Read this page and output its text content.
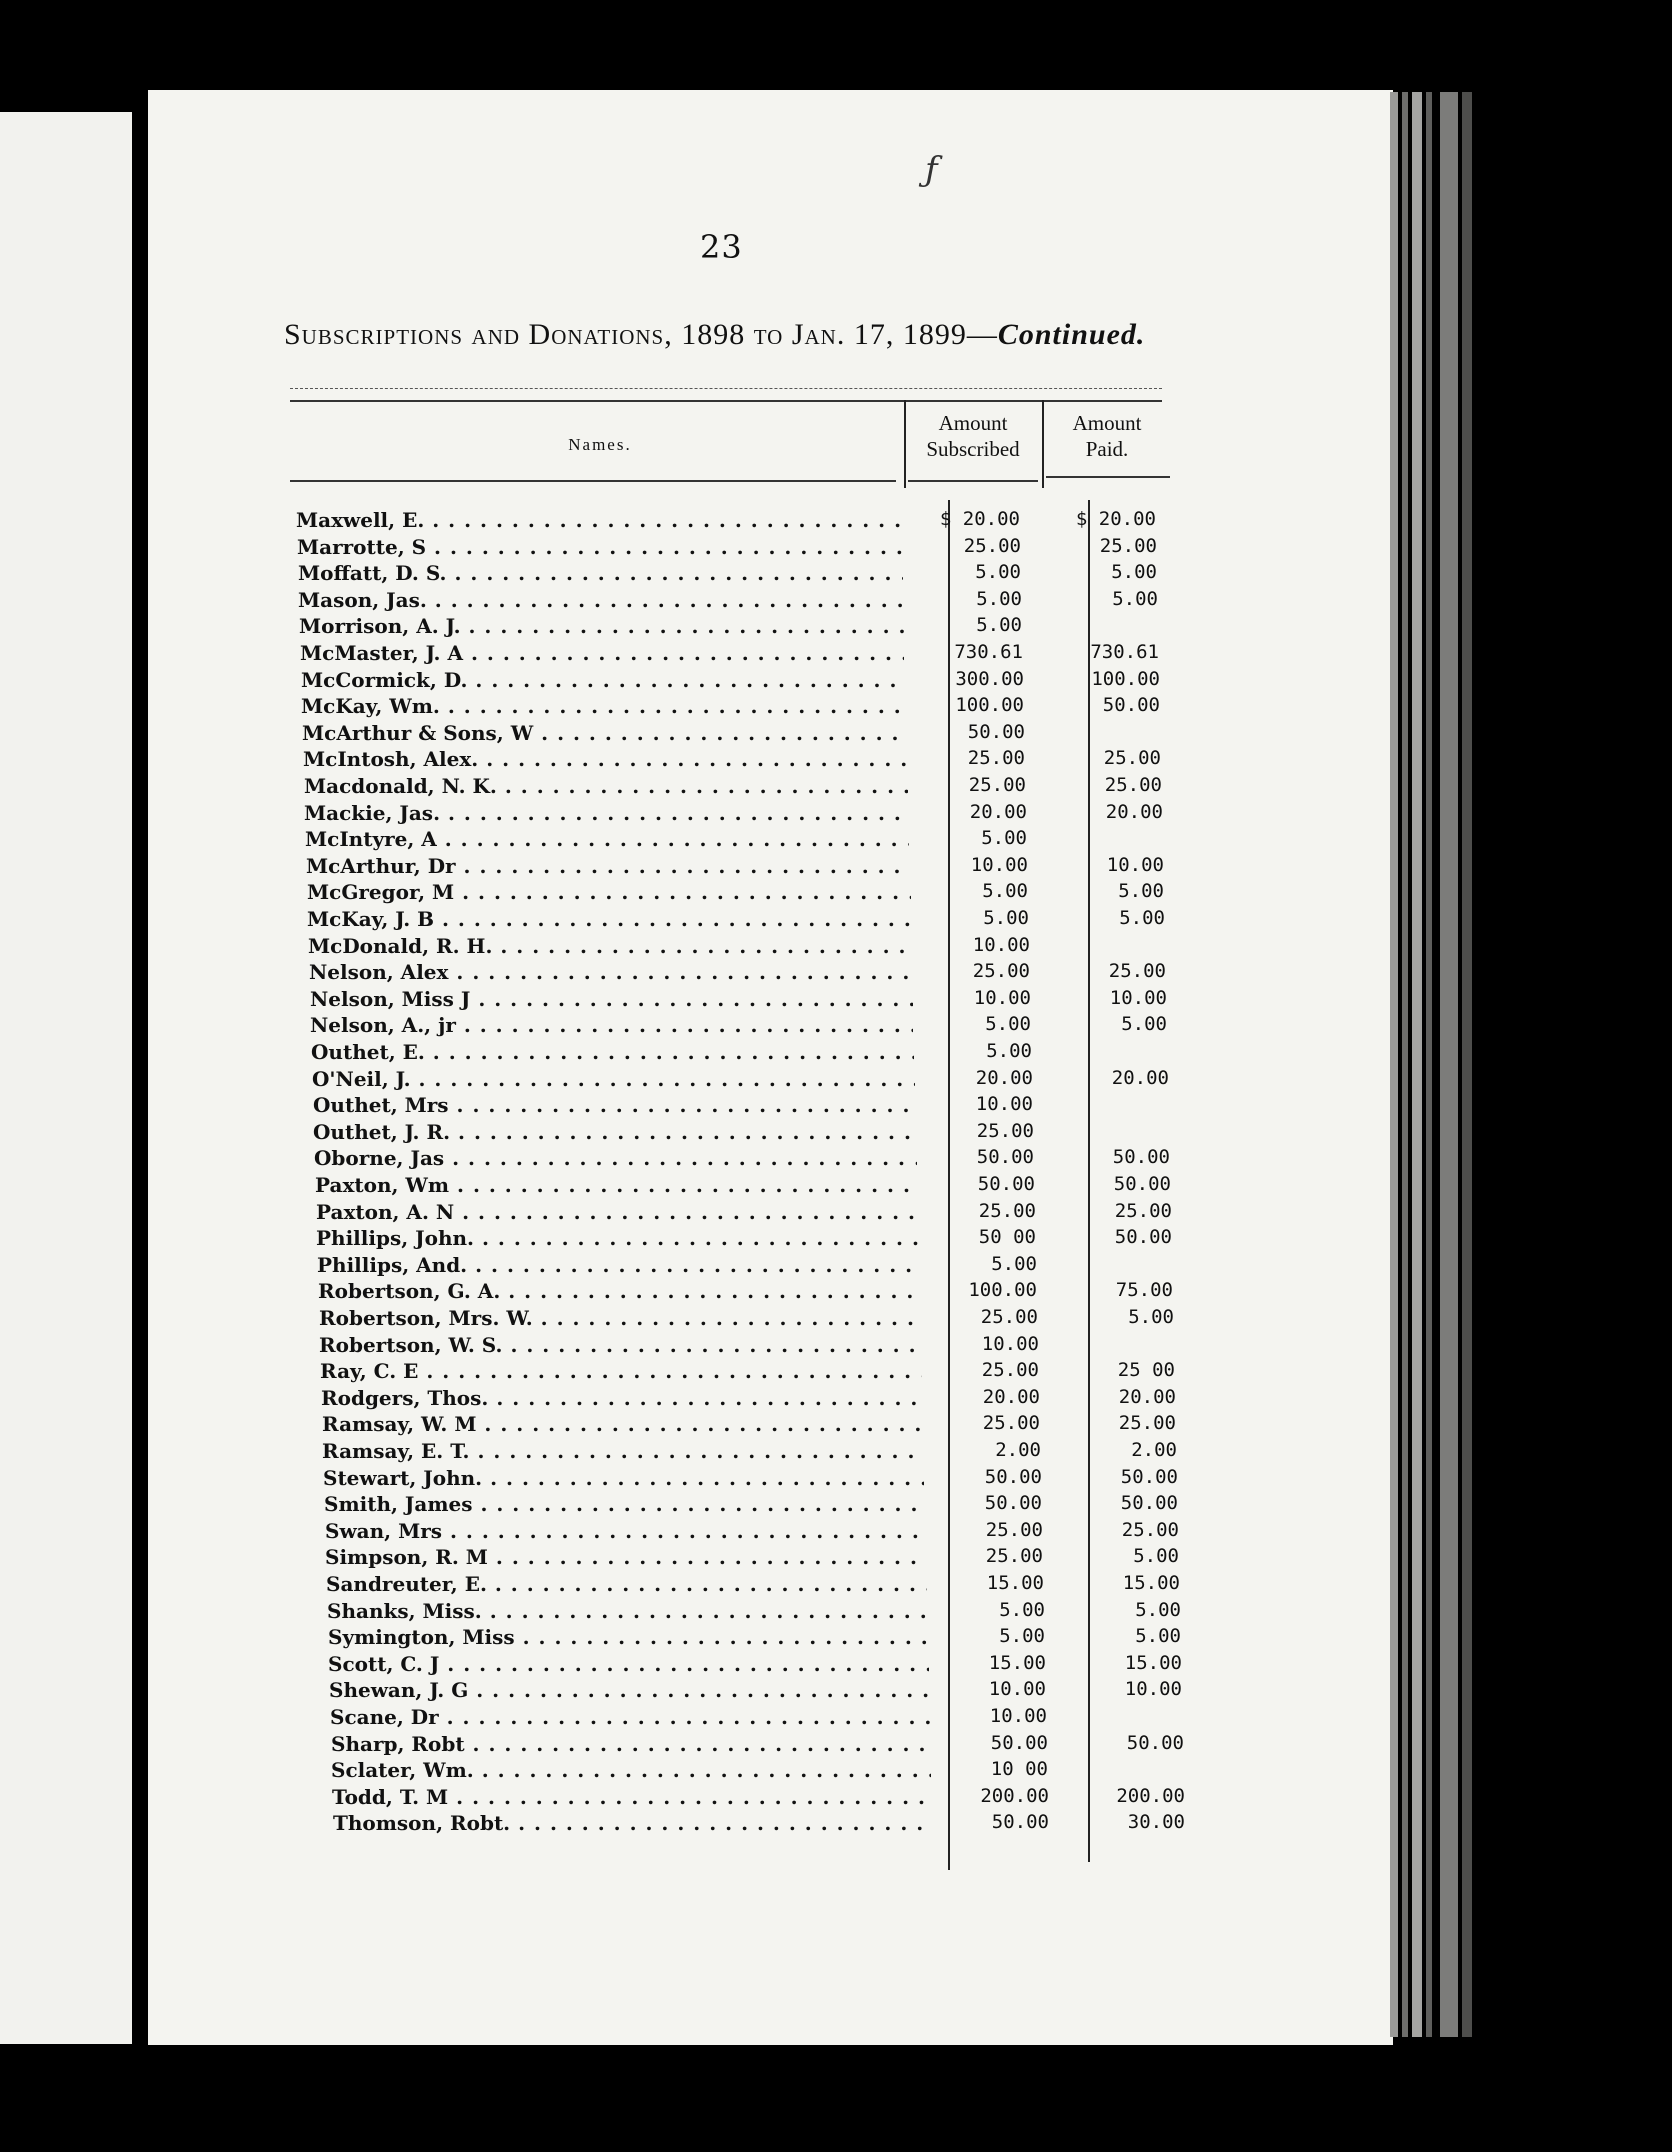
ƒ
23
Subscriptions and Donations, 1898 to Jan. 17, 1899—Continued.
Names.
Amount
Subscribed
Amount
Paid.
Maxwell, E. . . .	$ 20.00	$ 20.00
Marrotte, S . . .	25.00	25.00
Moffatt, D. S. . . .	5.00	5.00
Mason, Jas. . . .	5.00	5.00
Morrison, A. J. . . .	5.00
McMaster, J. A . . .	730.61	730.61
McCormick, D. . . .	300.00	100.00
McKay, Wm. . . .	100.00	50.00
McArthur & Sons, W . . .	50.00
McIntosh, Alex. . . .	25.00	25.00
Macdonald, N. K. . . .	25.00	25.00
Mackie, Jas. . . .	20.00	20.00
McIntyre, A . . .	5.00
McArthur, Dr . . .	10.00	10.00
McGregor, M . . .	5.00	5.00
McKay, J. B . . .	5.00	5.00
McDonald, R. H. . . .	10.00
Nelson, Alex . . .	25.00	25.00
Nelson, Miss J . . .	10.00	10.00
Nelson, A., jr . . .	5.00	5.00
Outhet, E. . . .	5.00
O'Neil, J. . . .	20.00	20.00
Outhet, Mrs . . .	10.00
Outhet, J. R. . . .	25.00
Oborne, Jas . . .	50.00	50.00
Paxton, Wm . . .	50.00	50.00
Paxton, A. N . . .	25.00	25.00
Phillips, John. . . .	50 00	50.00
Phillips, And. . . .	5.00
Robertson, G. A. . . .	100.00	75.00
Robertson, Mrs. W. . . .	25.00	5.00
Robertson, W. S. . . .	10.00
Ray, C. E . . .	25.00	25 00
Rodgers, Thos. . . .	20.00	20.00
Ramsay, W. M . . .	25.00	25.00
Ramsay, E. T. . . .	2.00	2.00
Stewart, John. . . .	50.00	50.00
Smith, James . . .	50.00	50.00
Swan, Mrs . . .	25.00	25.00
Simpson, R. M . . .	25.00	5.00
Sandreuter, E. . . .	15.00	15.00
Shanks, Miss. . . .	5.00	5.00
Symington, Miss . . .	5.00	5.00
Scott, C. J . . .	15.00	15.00
Shewan, J. G . . .	10.00	10.00
Scane, Dr . . .	10.00
Sharp, Robt . . .	50.00	50.00
Sclater, Wm. . . .	10 00
Todd, T. M . . .	200.00	200.00
Thomson, Robt. . . .	50.00	30.00
